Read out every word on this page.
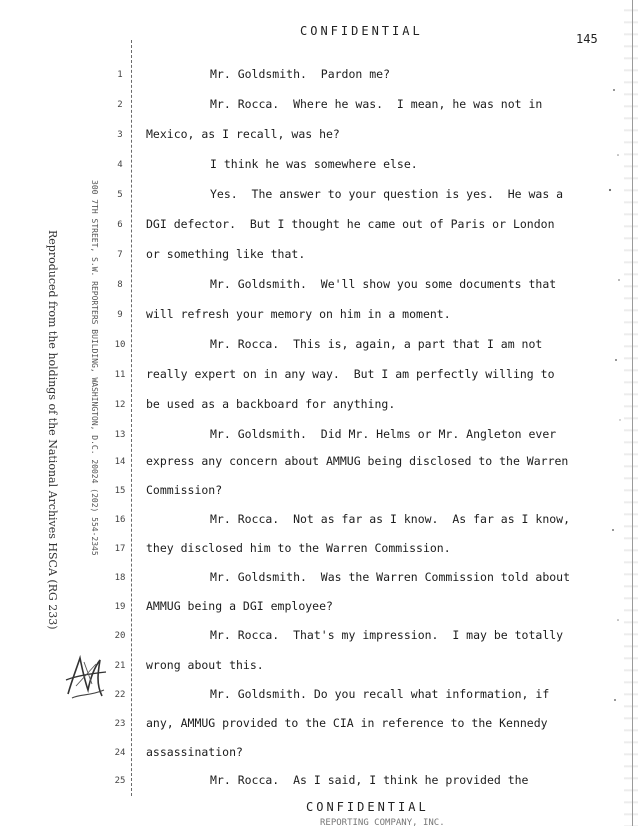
CONFIDENTIAL
145
Reproduced from the holdings of the National Archives HSCA (RG 233)	300 7TH STREET, S.W. REPORTERS BUILDING, WASHINGTON, D.C. 20024 (202) 554-2345
1	Mr. Goldsmith.  Pardon me?
2	Mr. Rocca.  Where he was.  I mean, he was not in
3	Mexico, as I recall, was he?
4	I think he was somewhere else.
5	Yes.  The answer to your question is yes.  He was a
6	DGI defector.  But I thought he came out of Paris or London
7	or something like that.
8	Mr. Goldsmith.  We'll show you some documents that
9	will refresh your memory on him in a moment.
10	Mr. Rocca.  This is, again, a part that I am not
11 really expert on in any way.  But I am perfectly willing to
12 be used as a backboard for anything.
13	Mr. Goldsmith.  Did Mr. Helms or Mr. Angleton ever
14 express any concern about AMMUG being disclosed to the Warren
15 Commission?
16	Mr. Rocca.  Not as far as I know.  As far as I know,
17 they disclosed him to the Warren Commission.
18	Mr. Goldsmith.  Was the Warren Commission told about
19 AMMUG being a DGI employee?
20	Mr. Rocca.  That's my impression.  I may be totally
21 wrong about this.
22	Mr. Goldsmith. Do you recall what information, if
23 any, AMMUG provided to the CIA in reference to the Kennedy
24 assassination?
25	Mr. Rocca.  As I said, I think he provided the
CONFIDENTIAL
REPORTING COMPANY, INC.
